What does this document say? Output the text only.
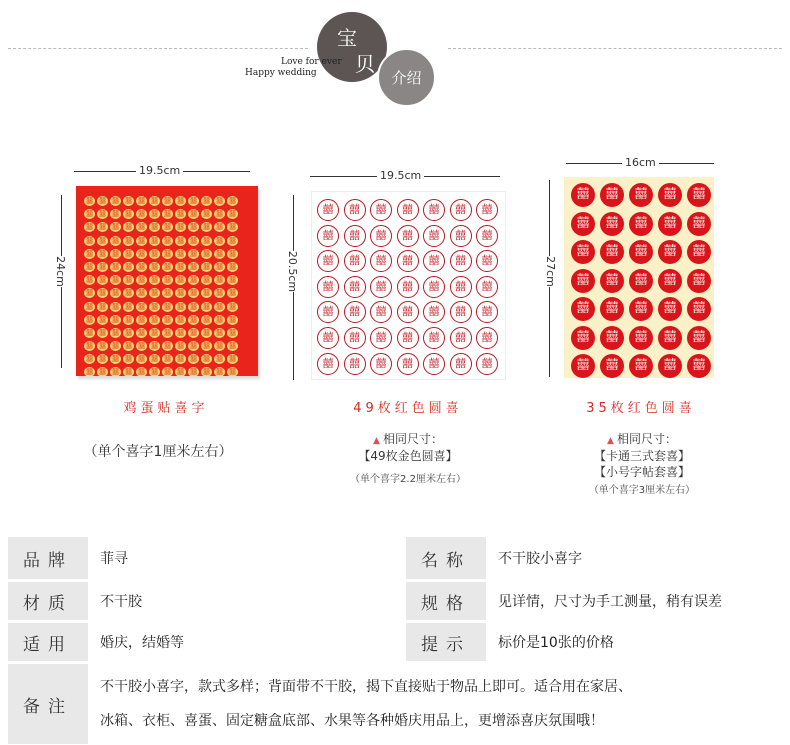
宝
贝
介绍
Love for ever
Happy wedding
19.5cm
24cm
囍 囍 囍 囍 囍 囍 囍 囍 囍 囍 囍 囍
囍 囍 囍 囍 囍 囍 囍 囍 囍 囍 囍 囍
囍 囍 囍 囍 囍 囍 囍 囍 囍 囍 囍 囍
囍 囍 囍 囍 囍 囍 囍 囍 囍 囍 囍 囍
囍 囍 囍 囍 囍 囍 囍 囍 囍 囍 囍 囍
囍 囍 囍 囍 囍 囍 囍 囍 囍 囍 囍 囍
囍 囍 囍 囍 囍 囍 囍 囍 囍 囍 囍 囍
囍 囍 囍 囍 囍 囍 囍 囍 囍 囍 囍 囍
囍 囍 囍 囍 囍 囍 囍 囍 囍 囍 囍 囍
囍 囍 囍 囍 囍 囍 囍 囍 囍 囍 囍 囍
囍 囍 囍 囍 囍 囍 囍 囍 囍 囍 囍 囍
囍 囍 囍 囍 囍 囍 囍 囍 囍 囍 囍 囍
囍 囍 囍 囍 囍 囍 囍 囍 囍 囍 囍 囍
囍 囍 囍 囍 囍 囍 囍 囍 囍 囍 囍 囍
鸡蛋贴喜字
（单个喜字1厘米左右）
19.5cm
20.5cm
囍	囍	囍	囍	囍	囍	囍
囍	囍	囍	囍	囍	囍	囍
囍	囍	囍	囍	囍	囍	囍
囍	囍	囍	囍	囍	囍	囍
囍	囍	囍	囍	囍	囍	囍
囍	囍	囍	囍	囍	囍	囍
囍	囍	囍	囍	囍	囍	囍
49枚红色圆喜
▲ 相同尺寸：
【49枚金色圆喜】
（单个喜字2.2厘米左右）
16cm
27cm
囍	囍	囍	囍	囍
囍	囍	囍	囍	囍
囍	囍	囍	囍	囍
囍	囍	囍	囍	囍
囍	囍	囍	囍	囍
囍	囍	囍	囍	囍
囍	囍	囍	囍	囍
35枚红色圆喜
▲ 相同尺寸：
【卡通三式套喜】
【小号字帖套喜】
（单个喜字3厘米左右）
品牌	菲寻	名称	不干胶小喜字
材质	不干胶	规格	见详情，尺寸为手工测量，稍有误差
适用	婚庆，结婚等	提示	标价是10张的价格
备注
不干胶小喜字，款式多样；背面带不干胶，揭下直接贴于物品上即可。适合用在家居、
冰箱、衣柜、喜蛋、固定糖盒底部、水果等各种婚庆用品上，更增添喜庆氛围哦！
